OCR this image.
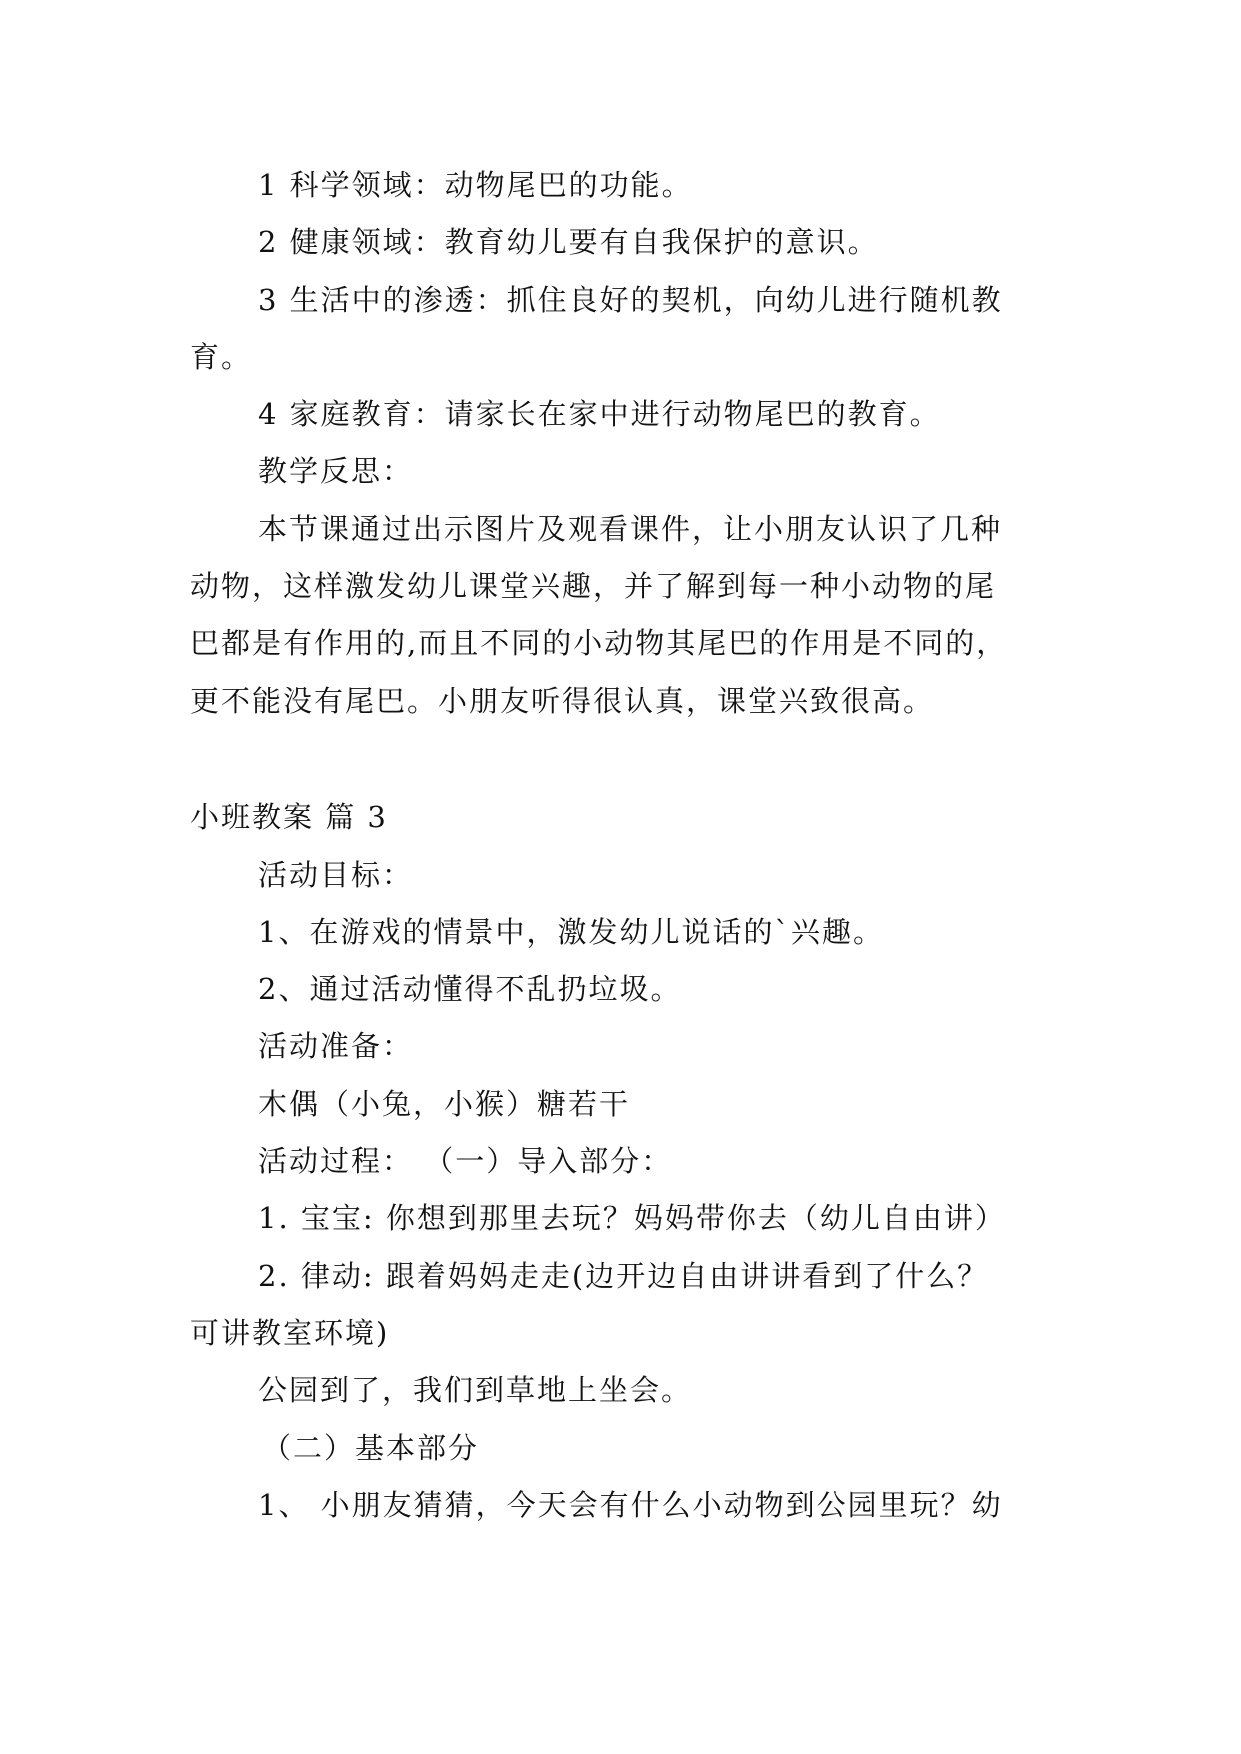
1 科学领域：动物尾巴的功能。
2 健康领域：教育幼儿要有自我保护的意识。
3 生活中的渗透：抓住良好的契机，向幼儿进行随机教
育。
4 家庭教育：请家长在家中进行动物尾巴的教育。
教学反思：
本节课通过出示图片及观看课件，让小朋友认识了几种
动物，这样激发幼儿课堂兴趣，并了解到每一种小动物的尾
巴都是有作用的,而且不同的小动物其尾巴的作用是不同的，
更不能没有尾巴。小朋友听得很认真，课堂兴致很高。
小班教案 篇 3
活动目标：
1、在游戏的情景中，激发幼儿说话的`兴趣。
2、通过活动懂得不乱扔垃圾。
活动准备：
木偶（小兔，小猴）糖若干
活动过程： （一）导入部分：
1. 宝宝: 你想到那里去玩？妈妈带你去（幼儿自由讲）
2. 律动: 跟着妈妈走走(边开边自由讲讲看到了什么？
可讲教室环境)
公园到了，我们到草地上坐会。
（二）基本部分
1、 小朋友猜猜，今天会有什么小动物到公园里玩？幼
